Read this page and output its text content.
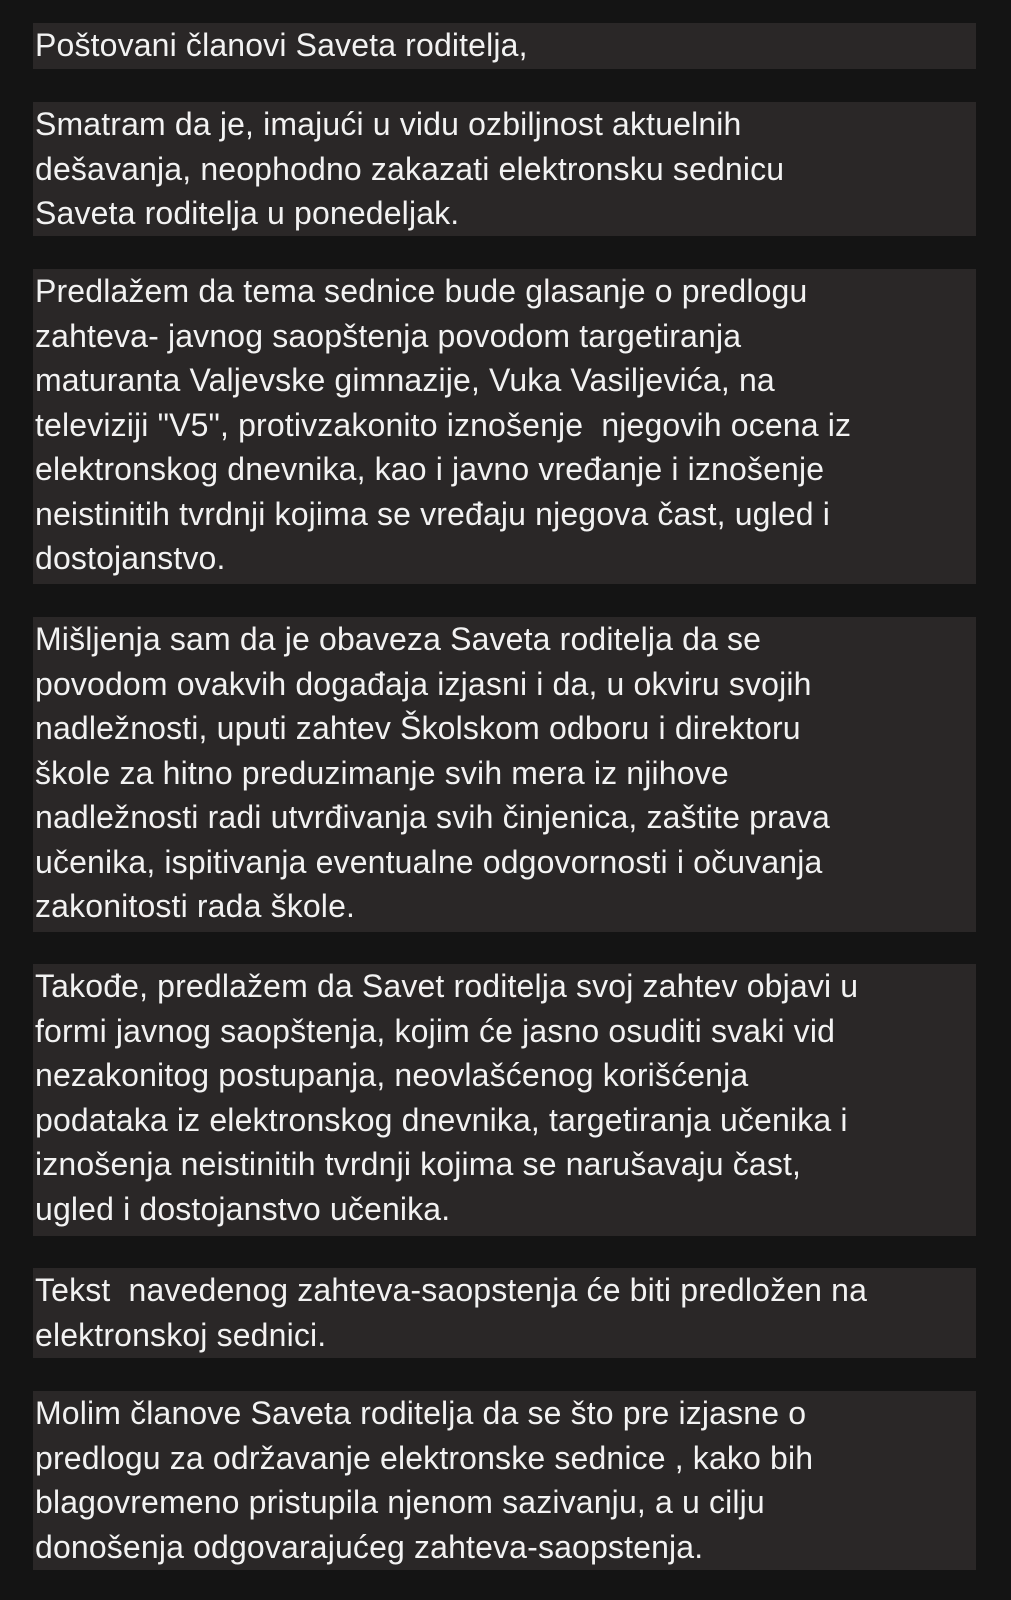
Poštovani članovi Saveta roditelja,
Smatram da je, imajući u vidu ozbiljnost aktuelnih
dešavanja, neophodno zakazati elektronsku sednicu
Saveta roditelja u ponedeljak.
Predlažem da tema sednice bude glasanje o predlogu
zahteva- javnog saopštenja povodom targetiranja
maturanta Valjevske gimnazije, Vuka Vasiljevića, na
televiziji "V5", protivzakonito iznošenje  njegovih ocena iz
elektronskog dnevnika, kao i javno vređanje i iznošenje
neistinitih tvrdnji kojima se vređaju njegova čast, ugled i
dostojanstvo.
Mišljenja sam da je obaveza Saveta roditelja da se
povodom ovakvih događaja izjasni i da, u okviru svojih
nadležnosti, uputi zahtev Školskom odboru i direktoru
škole za hitno preduzimanje svih mera iz njihove
nadležnosti radi utvrđivanja svih činjenica, zaštite prava
učenika, ispitivanja eventualne odgovornosti i očuvanja
zakonitosti rada škole.
Takođe, predlažem da Savet roditelja svoj zahtev objavi u
formi javnog saopštenja, kojim će jasno osuditi svaki vid
nezakonitog postupanja, neovlašćenog korišćenja
podataka iz elektronskog dnevnika, targetiranja učenika i
iznošenja neistinitih tvrdnji kojima se narušavaju čast,
ugled i dostojanstvo učenika.
Tekst  navedenog zahteva-saopstenja će biti predložen na
elektronskoj sednici.
Molim članove Saveta roditelja da se što pre izjasne o
predlogu za održavanje elektronske sednice , kako bih
blagovremeno pristupila njenom sazivanju, a u cilju
donošenja odgovarajućeg zahteva-saopstenja.
